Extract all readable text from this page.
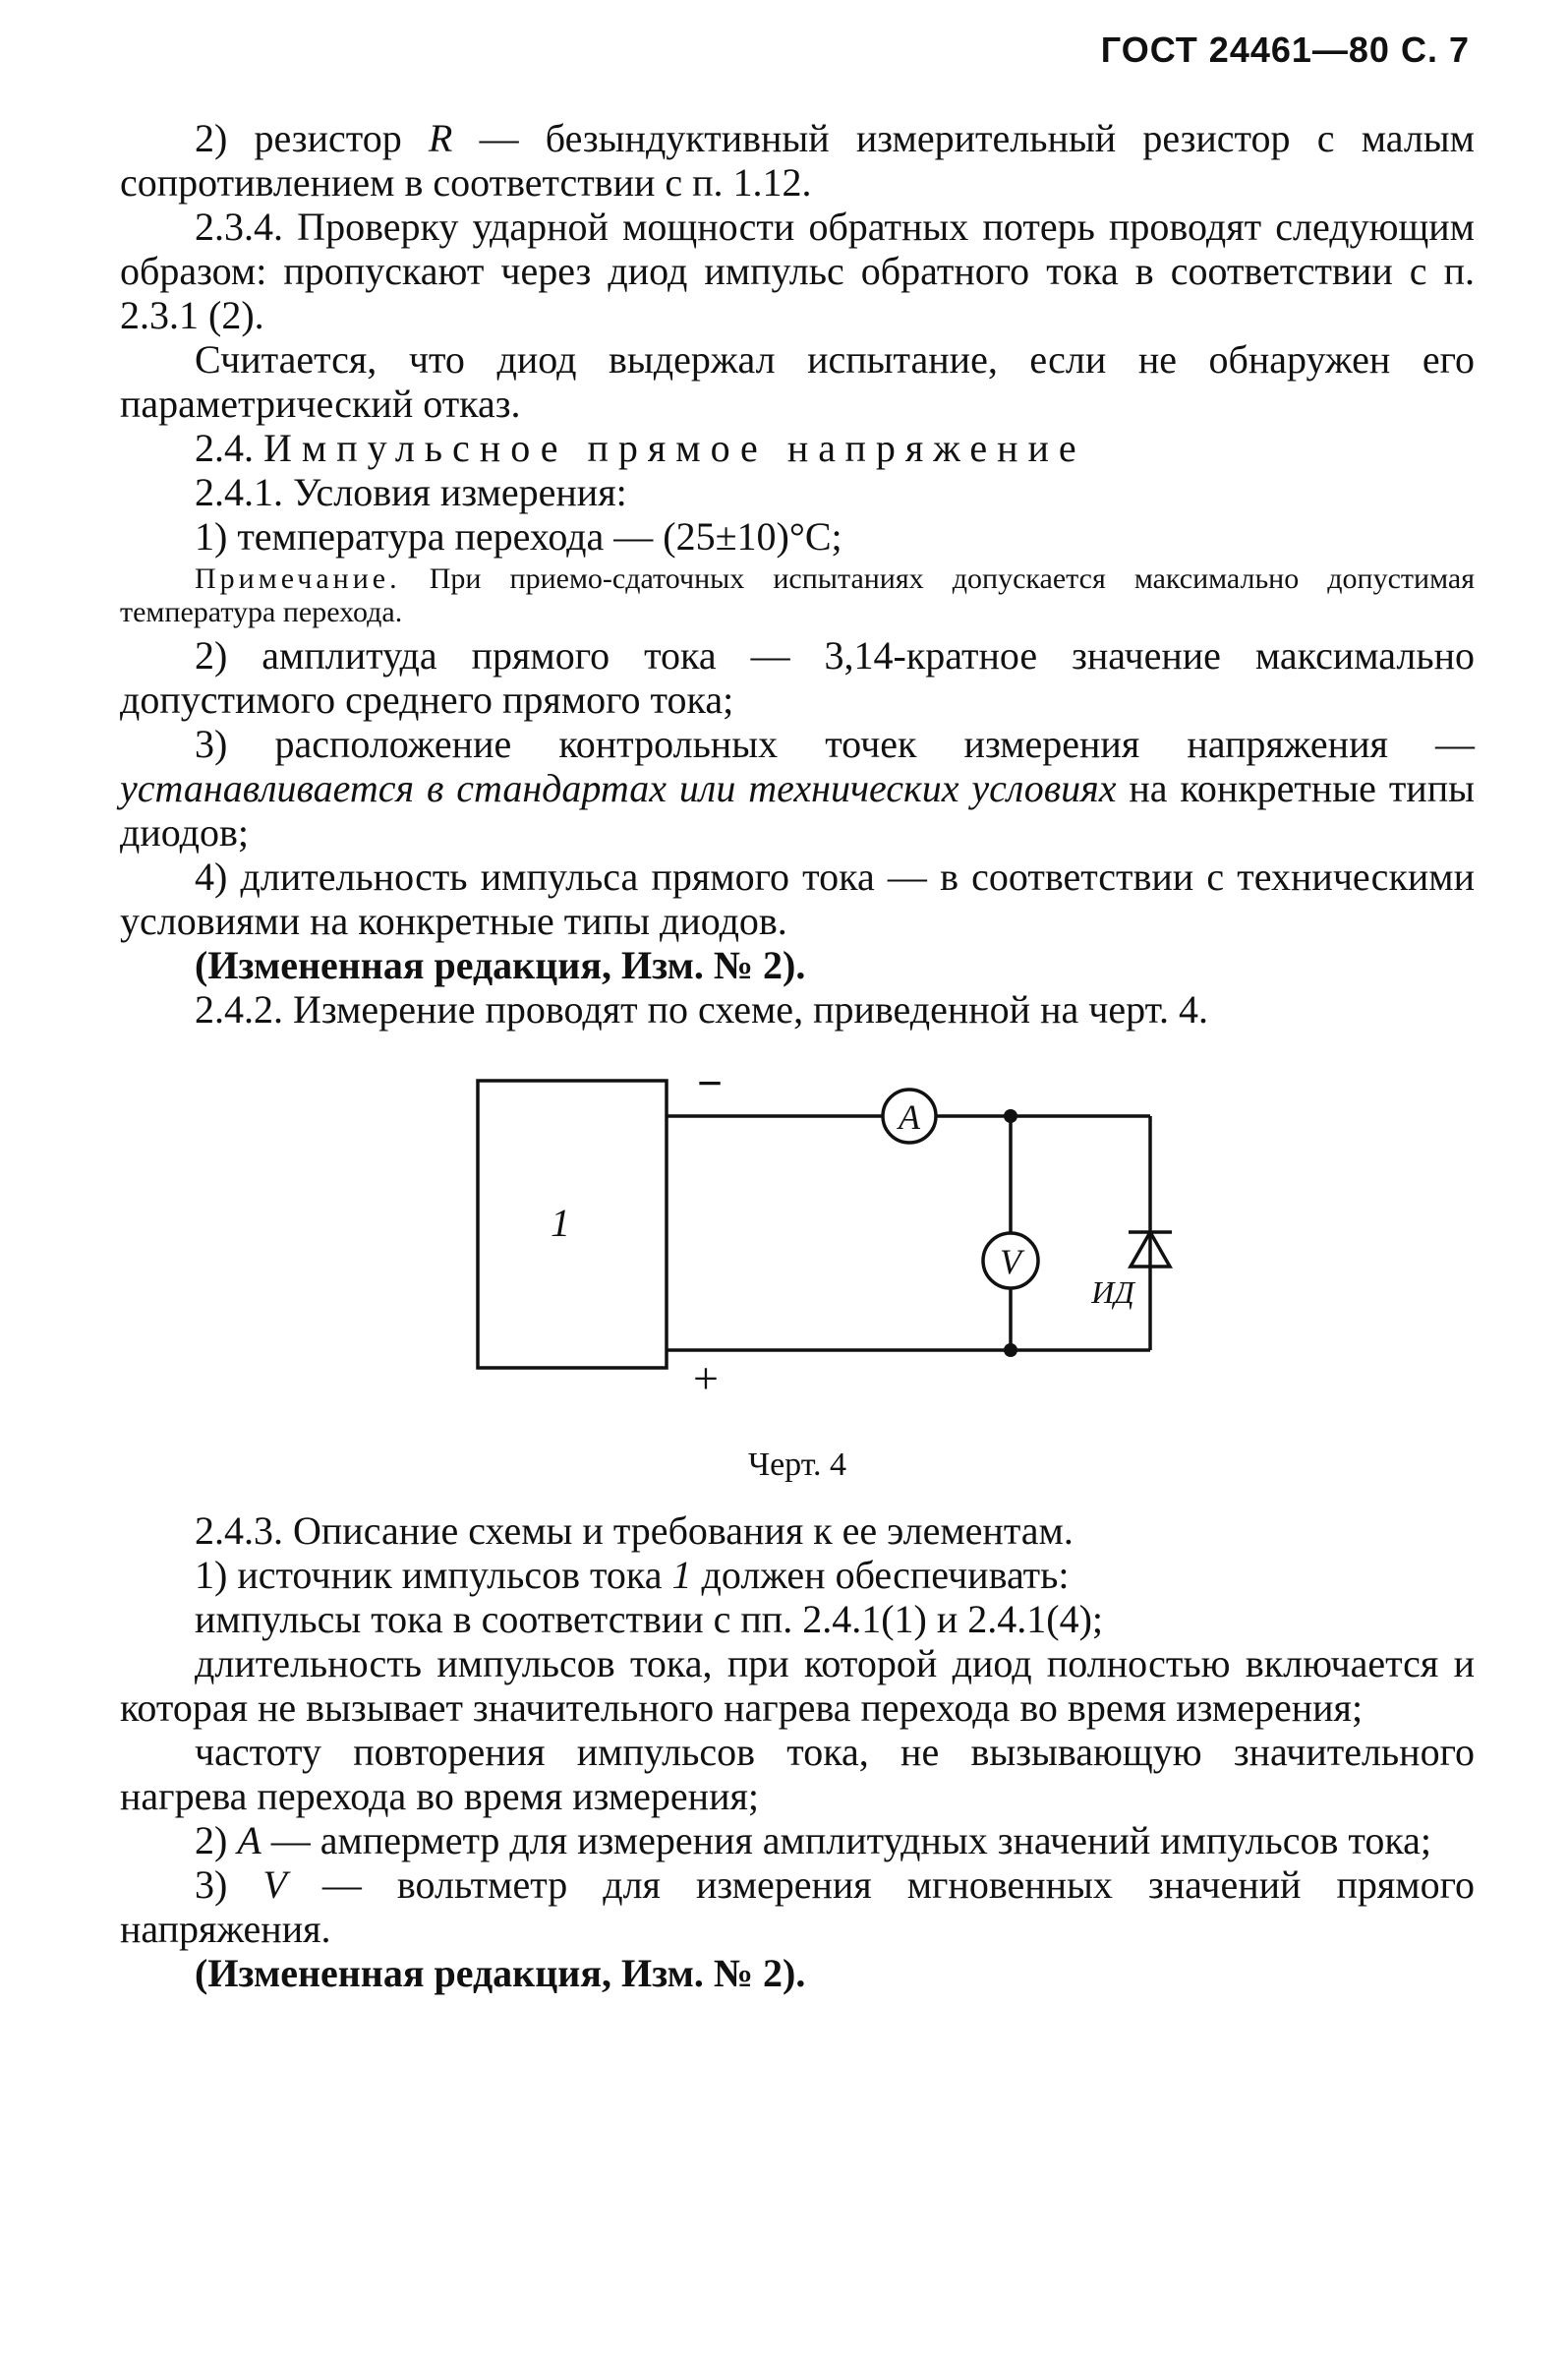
ГОСТ 24461—80 С. 7

2) резистор R — безындуктивный измерительный резистор с малым сопротивлением в соответствии с п. 1.12.

2.3.4. Проверку ударной мощности обратных потерь проводят следующим образом: пропускают через диод импульс обратного тока в соответствии с п. 2.3.1 (2).

Считается, что диод выдержал испытание, если не обнаружен его параметрический отказ.

2.4. Импульсное прямое напряжение

2.4.1. Условия измерения:

1) температура перехода — (25±10)°С;

Примечание. При приемо-сдаточных испытаниях допускается максимально допустимая температура перехода.

2) амплитуда прямого тока — 3,14-кратное значение максимально допустимого среднего прямого тока;

3) расположение контрольных точек измерения напряжения — устанавливается в стандартах или технических условиях на конкретные типы диодов;

4) длительность импульса прямого тока — в соответствии с техническими условиями на конкретные типы диодов.

(Измененная редакция, Изм. № 2).

2.4.2. Измерение проводят по схеме, приведенной на черт. 4.

1
−
+
A
V
ИД

Черт. 4

2.4.3. Описание схемы и требования к ее элементам.

1) источник импульсов тока 1 должен обеспечивать:

импульсы тока в соответствии с пп. 2.4.1(1) и 2.4.1(4);

длительность импульсов тока, при которой диод полностью включается и которая не вызывает значительного нагрева перехода во время измерения;

частоту повторения импульсов тока, не вызывающую значительного нагрева перехода во время измерения;

2) A — амперметр для измерения амплитудных значений импульсов тока;

3) V — вольтметр для измерения мгновенных значений прямого напряжения.

(Измененная редакция, Изм. № 2).
